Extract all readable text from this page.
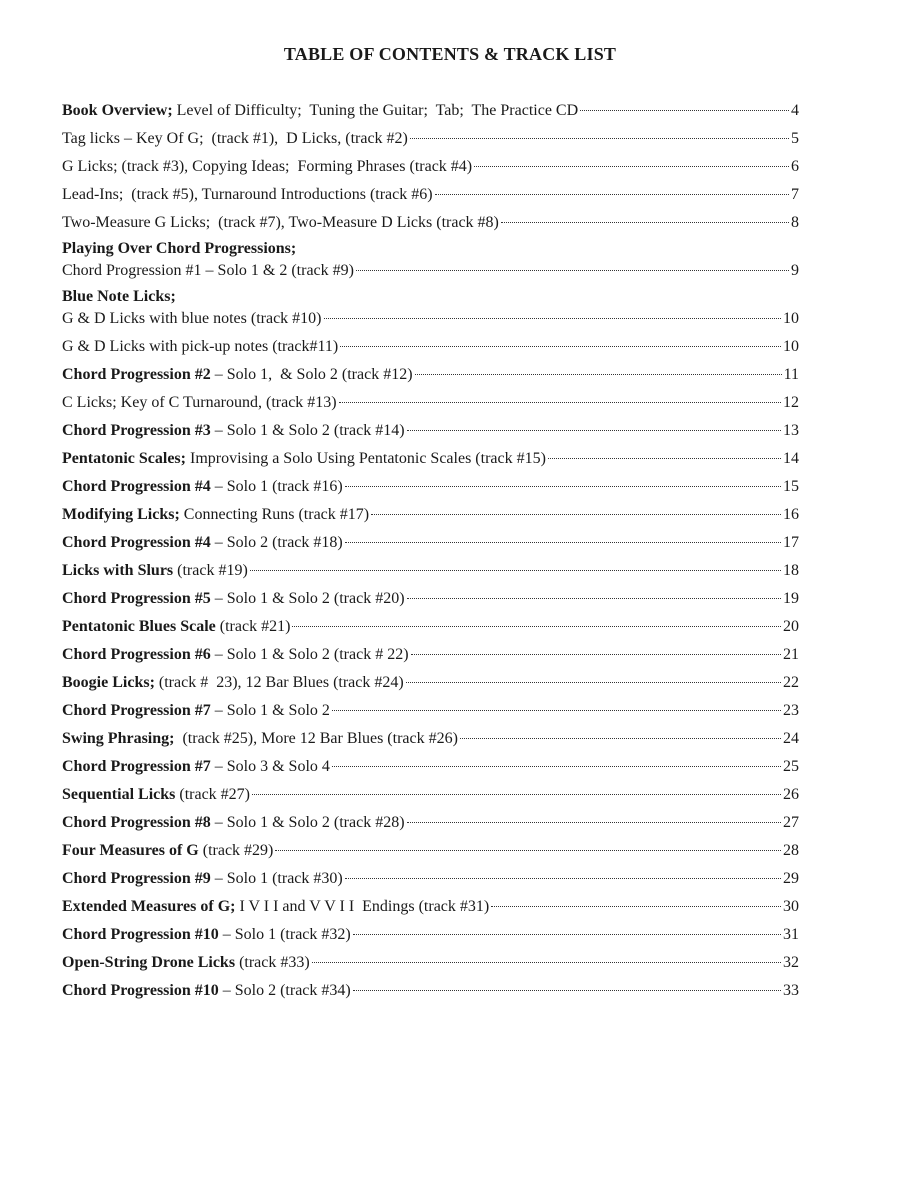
TABLE OF CONTENTS & TRACK LIST
Book Overview; Level of Difficulty;  Tuning the Guitar;  Tab;  The Practice CD	4
Tag licks – Key Of G;  (track #1),  D Licks, (track #2)	5
G Licks; (track #3), Copying Ideas;  Forming Phrases (track #4)	6
Lead-Ins;  (track #5), Turnaround Introductions (track #6)	7
Two-Measure G Licks;  (track #7), Two-Measure D Licks (track #8)	8
Playing Over Chord Progressions;
Chord Progression #1 – Solo 1 & 2 (track #9)	9
Blue Note Licks;
G & D Licks with blue notes (track #10)	10
G & D Licks with pick-up notes (track#11)	10
Chord Progression #2 – Solo 1,  & Solo 2 (track #12)	11
C Licks; Key of C Turnaround, (track #13)	12
Chord Progression #3 – Solo 1 & Solo 2 (track #14)	13
Pentatonic Scales; Improvising a Solo Using Pentatonic Scales (track #15)	14
Chord Progression #4 – Solo 1 (track #16)	15
Modifying Licks; Connecting Runs (track #17)	16
Chord Progression #4 – Solo 2 (track #18)	17
Licks with Slurs (track #19)	18
Chord Progression #5 – Solo 1 & Solo 2 (track #20)	19
Pentatonic Blues Scale (track #21)	20
Chord Progression #6 – Solo 1 & Solo 2 (track # 22)	21
Boogie Licks; (track #  23), 12 Bar Blues (track #24)	22
Chord Progression #7 – Solo 1 & Solo 2	23
Swing Phrasing;  (track #25), More 12 Bar Blues (track #26)	24
Chord Progression #7 – Solo 3 & Solo 4	25
Sequential Licks (track #27)	26
Chord Progression #8 – Solo 1 & Solo 2 (track #28)	27
Four Measures of G (track #29)	28
Chord Progression #9 – Solo 1 (track #30)	29
Extended Measures of G; I V I I and V V I I  Endings (track #31)	30
Chord Progression #10 – Solo 1 (track #32)	31
Open-String Drone Licks (track #33)	32
Chord Progression #10 – Solo 2 (track #34)	33
